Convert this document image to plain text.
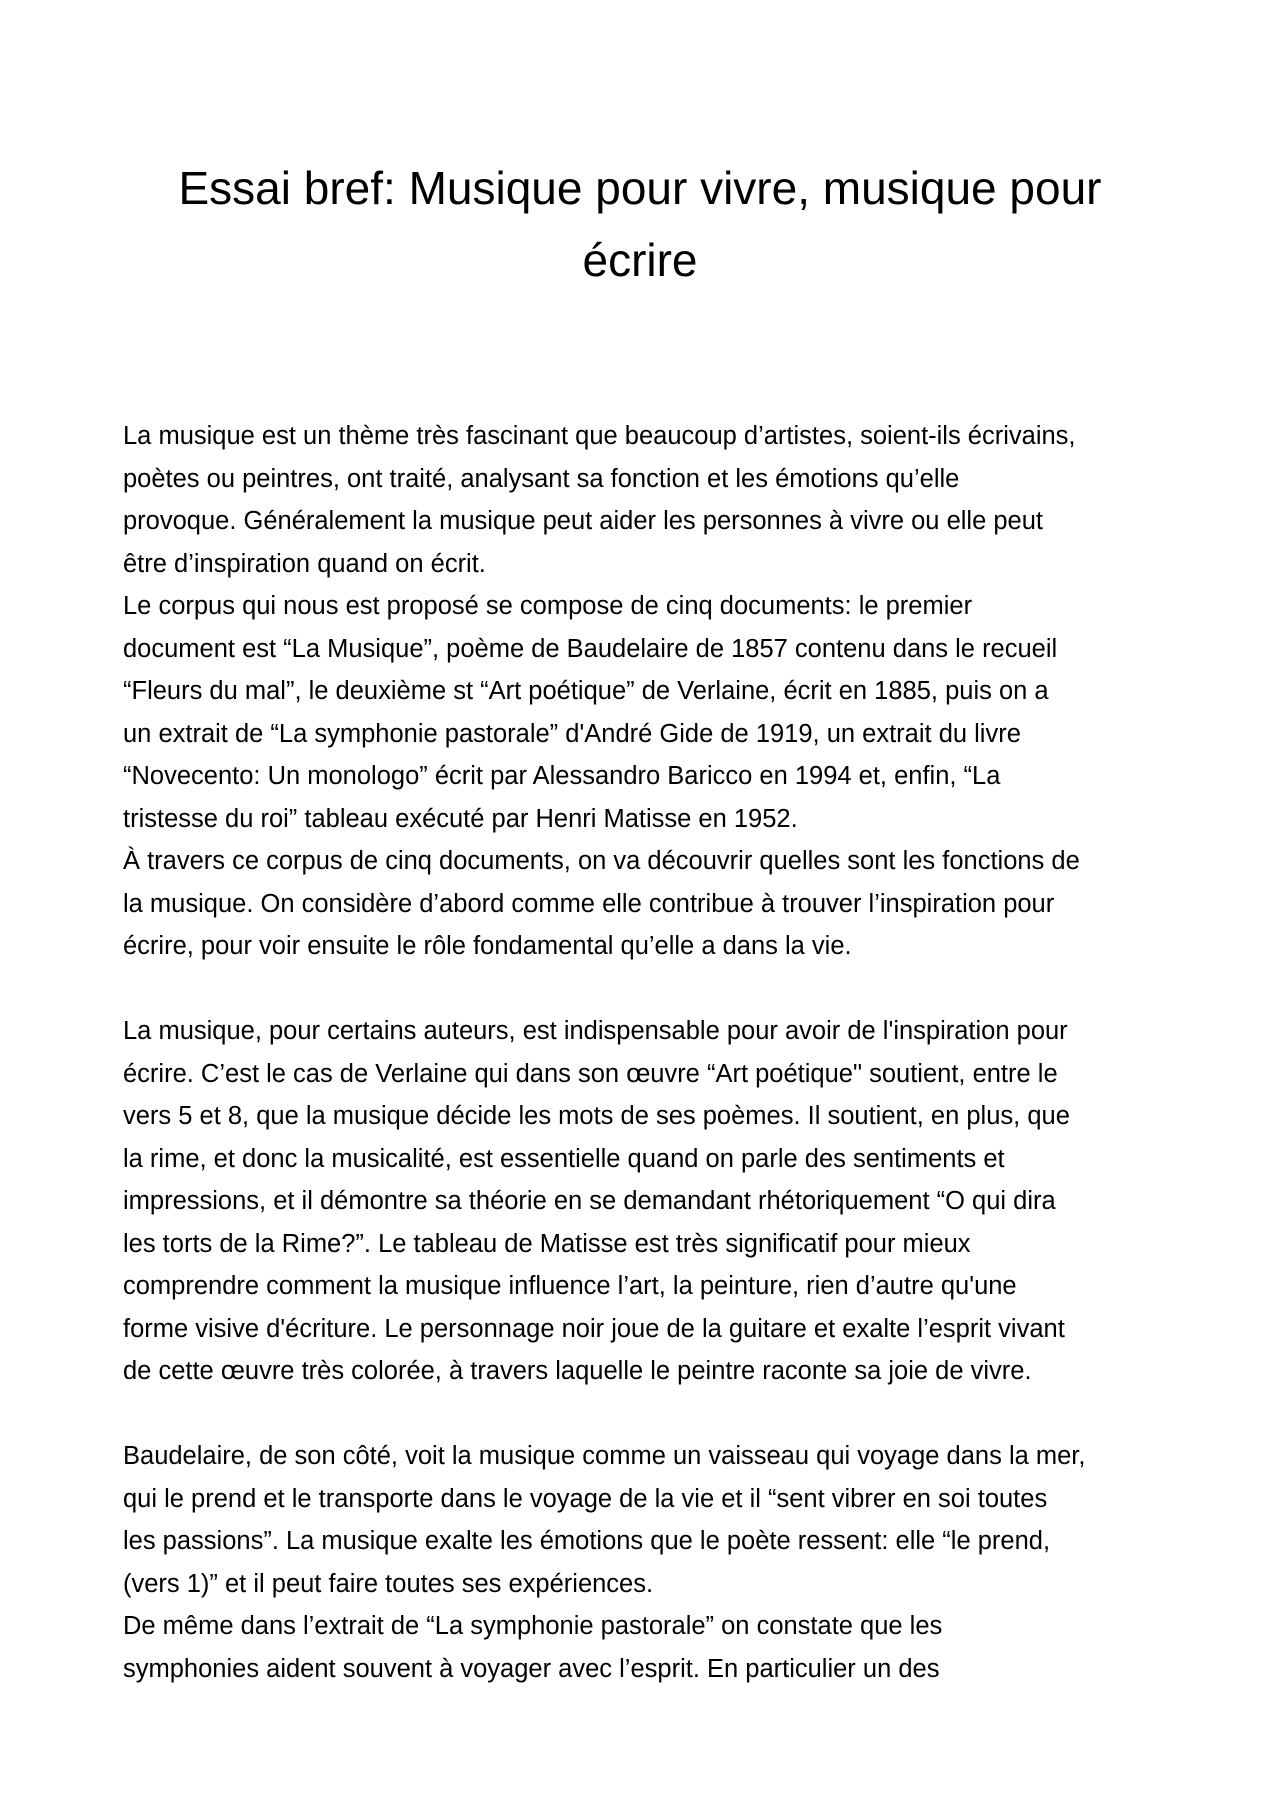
Essai bref: Musique pour vivre, musique pour
écrire
La musique est un thème très fascinant que beaucoup d’artistes, soient-ils écrivains,
poètes ou peintres, ont traité, analysant sa fonction et les émotions qu’elle
provoque. Généralement la musique peut aider les personnes à vivre ou elle peut
être d’inspiration quand on écrit.
Le corpus qui nous est proposé se compose de cinq documents: le premier
document est “La Musique”, poème de Baudelaire de 1857 contenu dans le recueil
“Fleurs du mal”, le deuxième st “Art poétique” de Verlaine, écrit en 1885, puis on a
un extrait de “La symphonie pastorale” d'André Gide de 1919, un extrait du livre
“Novecento: Un monologo” écrit par Alessandro Baricco en 1994 et, enfin, “La
tristesse du roi” tableau exécuté par Henri Matisse en 1952.
À travers ce corpus de cinq documents, on va découvrir quelles sont les fonctions de
la musique. On considère d’abord comme elle contribue à trouver l’inspiration pour
écrire, pour voir ensuite le rôle fondamental qu’elle a dans la vie.
La musique, pour certains auteurs, est indispensable pour avoir de l'inspiration pour
écrire. C’est le cas de Verlaine qui dans son œuvre “Art poétique" soutient, entre le
vers 5 et 8, que la musique décide les mots de ses poèmes. Il soutient, en plus, que
la rime, et donc la musicalité, est essentielle quand on parle des sentiments et
impressions, et il démontre sa théorie en se demandant rhétoriquement “O qui dira
les torts de la Rime?”. Le tableau de Matisse est très significatif pour mieux
comprendre comment la musique influence l’art, la peinture, rien d’autre qu'une
forme visive d'écriture. Le personnage noir joue de la guitare et exalte l’esprit vivant
de cette œuvre très colorée, à travers laquelle le peintre raconte sa joie de vivre.
Baudelaire, de son côté, voit la musique comme un vaisseau qui voyage dans la mer,
qui le prend et le transporte dans le voyage de la vie et il “sent vibrer en soi toutes
les passions”. La musique exalte les émotions que le poète ressent: elle “le prend,
(vers 1)” et il peut faire toutes ses expériences.
De même dans l’extrait de “La symphonie pastorale” on constate que les
symphonies aident souvent à voyager avec l’esprit. En particulier un des
